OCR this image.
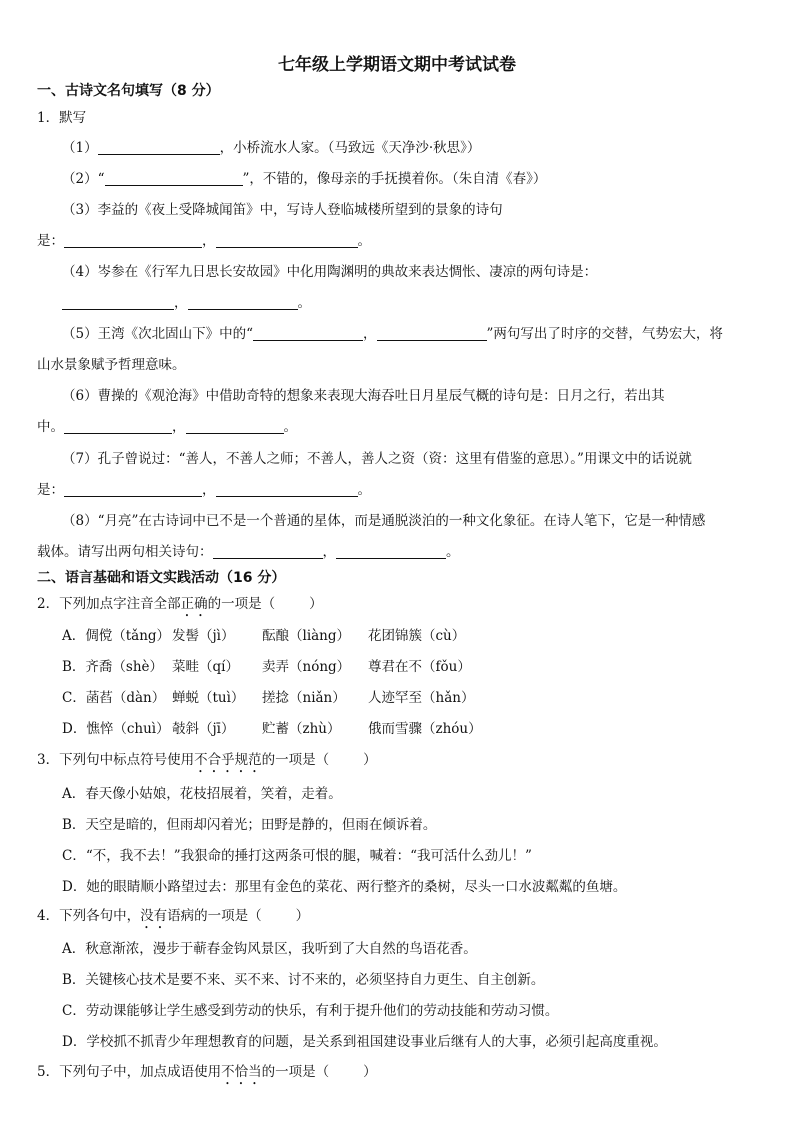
七年级上学期语文期中考试试卷
一、古诗文名句填写（8 分）
1．默写
（1）	，小桥流水人家。（马致远《天净沙·秋思》）
（2）“	”，不错的，像母亲的手抚摸着你。（朱自清《春》）
（3）李益的《夜上受降城闻笛》中，写诗人登临城楼所望到的景象的诗句
是：	，	。
（4）岑参在《行军九日思长安故园》中化用陶渊明的典故来表达惆怅、凄凉的两句诗是：
，	。
（5）王湾《次北固山下》中的“	，	”两句写出了时序的交替，气势宏大，将
山水景象赋予哲理意味。
（6）曹操的《观沧海》中借助奇特的想象来表现大海吞吐日月星辰气概的诗句是：日月之行，若出其
中。	，	。
（7）孔子曾说过：“善人，不善人之师；不善人，善人之资（资：这里有借鉴的意思）。”用课文中的话说就
是：	，	。
（8）“月亮”在古诗词中已不是一个普通的星体，而是通脱淡泊的一种文化象征。在诗人笔下，它是一种情感
载体。请写出两句相关诗句：	，	。
二、语言基础和语文实践活动（16 分）
2．下列加点字注音全部正确的一项是（	）
A．倜傥（tǎng） 发髻（jì） 酝酿（liàng） 花团锦簇（cù）
B．齐喬（shè） 菜畦（qí） 卖弄（nóng） 尊君在不（fǒu）
C．菡萏（dàn） 蝉蜕（tuì） 搓捻（niǎn） 人迹罕至（hǎn）
D．憔悴（chuì） 攲斜（jī） 贮蓄（zhù） 俄而雪骤（zhóu）
3．下列句中标点符号使用不合乎规范的一项是（	）
A．春天像小姑娘，花枝招展着，笑着，走着。
B．天空是暗的，但雨却闪着光；田野是静的，但雨在倾诉着。
C．“不，我不去！”我狠命的捶打这两条可恨的腿，喊着：“我可活什么劲儿！”
D．她的眼睛顺小路望过去：那里有金色的菜花、两行整齐的桑树，尽头一口水波粼粼的鱼塘。
4．下列各句中，没有语病的一项是（	）
A．秋意渐浓，漫步于蕲春金钩风景区，我听到了大自然的鸟语花香。
B．关键核心技术是要不来、买不来、讨不来的，必须坚持自力更生、自主创新。
C．劳动课能够让学生感受到劳动的快乐，有利于提升他们的劳动技能和劳动习惯。
D．学校抓不抓青少年理想教育的问题，是关系到祖国建设事业后继有人的大事，必须引起高度重视。
5．下列句子中，加点成语使用不恰当的一项是（	）
